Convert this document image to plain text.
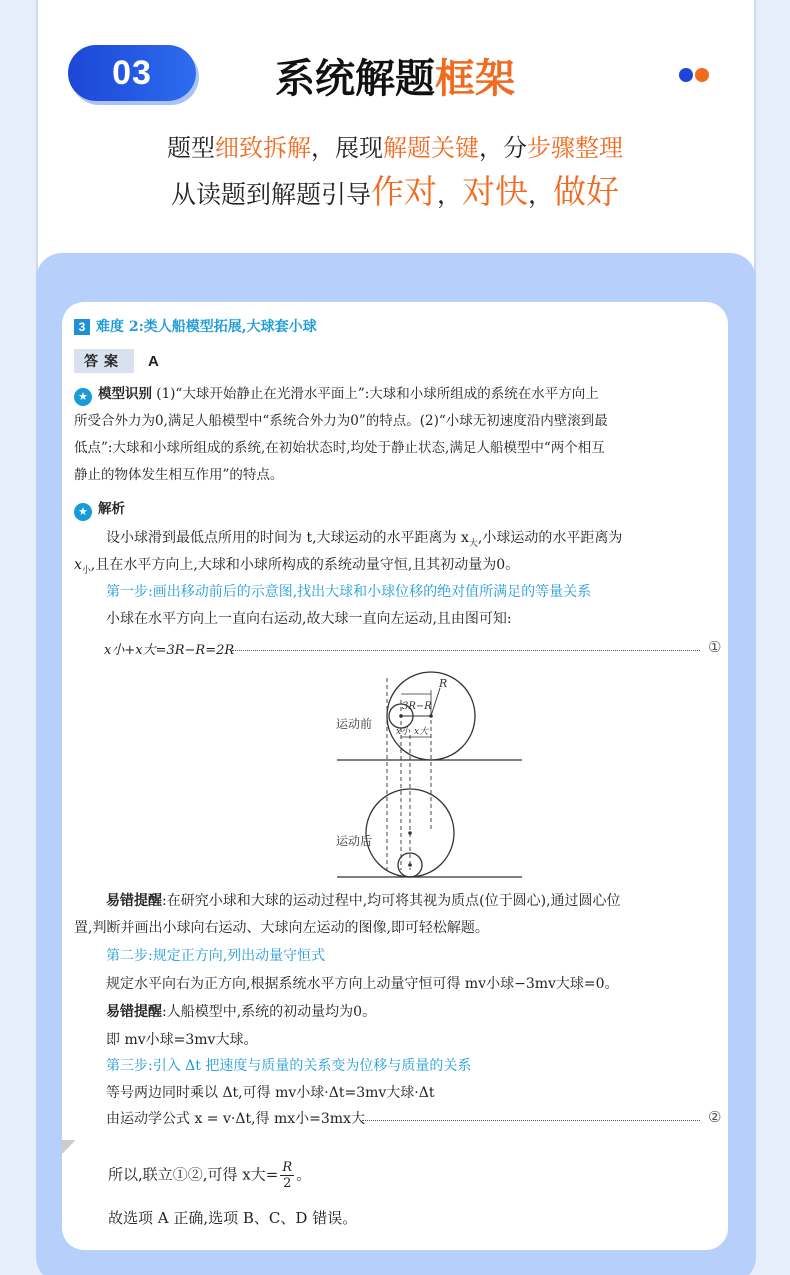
03	系统解题框架
题型细致拆解，展现解题关键，分步骤整理
从读题到解题引导作对，对快，做好
3 难度 2:类人船模型拓展,大球套小球
答案 A
★ 模型识别 (1)“大球开始静止在光滑水平面上”:大球和小球所组成的系统在水平方向上
所受合外力为0,满足人船模型中“系统合外力为0”的特点。(2)“小球无初速度沿内壁滚到最
低点”:大球和小球所组成的系统,在初始状态时,均处于静止状态,满足人船模型中“两个相互
静止的物体发生相互作用”的特点。
★ 解析
设小球滑到最低点所用的时间为 t,大球运动的水平距离为 $x_大$,小球运动的水平距离为
$x_小$,且在水平方向上,大球和小球所构成的系统动量守恒,且其初动量为0。
第一步:画出移动前后的示意图,找出大球和小球位移的绝对值所满足的等量关系
小球在水平方向上一直向右运动,故大球一直向左运动,且由图可知:
x小+x大=3R−R=2R	①
运动前
运动后
R
3R−R
x小 x大
易错提醒:在研究小球和大球的运动过程中,均可将其视为质点(位于圆心),通过圆心位
置,判断并画出小球向右运动、大球向左运动的图像,即可轻松解题。
第二步:规定正方向,列出动量守恒式
规定水平向右为正方向,根据系统水平方向上动量守恒可得 mv小球−3mv大球=0。
易错提醒:人船模型中,系统的初动量均为0。
即 mv小球=3mv大球。
第三步:引入 Δt 把速度与质量的关系变为位移与质量的关系
等号两边同时乘以 Δt,可得 mv小球·Δt=3mv大球·Δt
由运动学公式 x = v·Δt,得 mx小=3mx大	②
所以,联立①②,可得 x大= $\frac{R}{2}$ 。
故选项 A 正确,选项 B、C、D 错误。
